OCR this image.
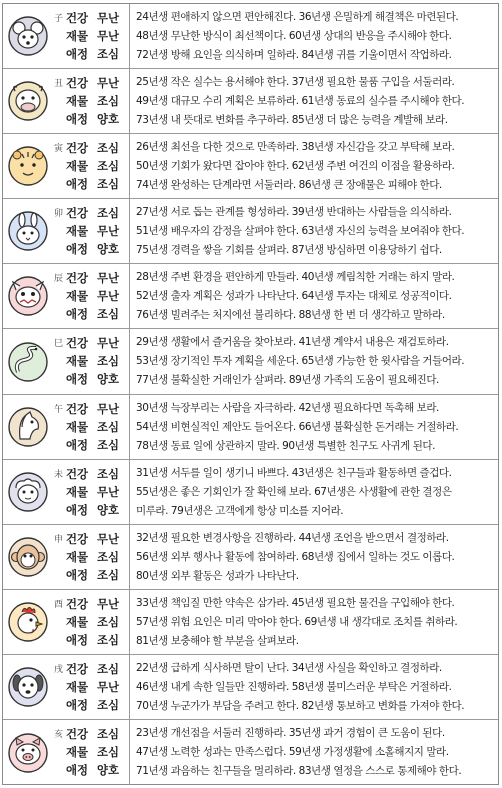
子 건강 무난
재물 무난
애정 조심
24년생 편애하지 않으면 편안해진다. 36년생 은밀하게 해결책은 마련된다.
48년생 무난한 방식이 최선책이다. 60년생 상대의 반응을 주시해야 한다.
72년생 방해 요인을 의식하며 일하라. 84년생 귀를 기울이면서 작업하라.
丑 건강 무난
재물 조심
애정 양호
25년생 작은 실수는 용서해야 한다. 37년생 필요한 물품 구입을 서둘러라.
49년생 대규모 수리 계획은 보류하라. 61년생 동료의 실수를 주시해야 한다.
73년생 내 뜻대로 변화를 추구하라. 85년생 더 많은 능력을 계발해 보라.
寅 건강 조심
재물 조심
애정 조심
26년생 최선을 다한 것으로 만족하라. 38년생 자신감을 갖고 부탁해 보라.
50년생 기회가 왔다면 잡아야 한다. 62년생 주변 여건의 이점을 활용하라.
74년생 완성하는 단계라면 서둘러라. 86년생 큰 장애물은 피해야 한다.
卯 건강 조심
재물 무난
애정 양호
27년생 서로 돕는 관계를 형성하라. 39년생 반대하는 사람들을 의식하라.
51년생 배우자의 감정을 살펴야 한다. 63년생 자신의 능력을 보여줘야 한다.
75년생 경력을 쌓을 기회를 살펴라. 87년생 방심하면 이용당하기 쉽다.
辰 건강 무난
재물 무난
애정 조심
28년생 주변 환경을 편안하게 만들라. 40년생 께림칙한 거래는 하지 말라.
52년생 출자 계획은 성과가 나타난다. 64년생 투자는 대체로 성공적이다.
76년생 빌려주는 처지에선 불리하다. 88년생 한 번 더 생각하고 말하라.
巳 건강 무난
재물 조심
애정 양호
29년생 생활에서 즐거움을 찾아보라. 41년생 계약서 내용은 재검토하라.
53년생 장기적인 투자 계획을 세운다. 65년생 가능한 한 윗사람을 거들어라.
77년생 불확실한 거래인가 살펴라. 89년생 가족의 도움이 필요해진다.
午 건강 무난
재물 조심
애정 조심
30년생 늑장부리는 사람을 자극하라. 42년생 필요하다면 독촉해 보라.
54년생 비현실적인 제안도 들어온다. 66년생 불확실한 돈거래는 거절하라.
78년생 동료 일에 상관하지 말라. 90년생 특별한 친구도 사귀게 된다.
未 건강 조심
재물 무난
애정 양호
31년생 서두를 일이 생기니 바쁘다. 43년생은 친구들과 활동하면 즐겁다.
55년생은 좋은 기회인가 잘 확인해 보라. 67년생은 사생활에 관한 결정은
미루라. 79년생은 고객에게 항상 미소를 지어라.
申 건강 무난
재물 조심
애정 조심
32년생 필요한 변경사항을 진행하라. 44년생 조언을 받으면서 결정하라.
56년생 외부 행사나 활동에 참여하라. 68년생 집에서 일하는 것도 이롭다.
80년생 외부 활동은 성과가 나타난다.
酉 건강 무난
재물 조심
애정 조심
33년생 책임질 만한 약속은 삼가라. 45년생 필요한 물건을 구입해야 한다.
57년생 위험 요인은 미리 막아야 한다. 69년생 내 생각대로 조치를 취하라.
81년생 보충해야 할 부분을 살펴보라.
戌 건강 조심
재물 무난
애정 조심
22년생 급하게 식사하면 탈이 난다. 34년생 사실을 확인하고 결정하라.
46년생 내게 속한 일들만 진행하라. 58년생 불미스러운 부탁은 거절하라.
70년생 누군가가 부담을 주려고 한다. 82년생 통보하고 변화를 가져야 한다.
亥 건강 조심
재물 조심
애정 양호
23년생 개선점을 서둘러 진행하라. 35년생 과거 경험이 큰 도움이 된다.
47년생 노력한 성과는 만족스럽다. 59년생 가정생활에 소홀해지지 말라.
71년생 과음하는 친구들을 멀리하라. 83년생 열정을 스스로 통제해야 한다.
